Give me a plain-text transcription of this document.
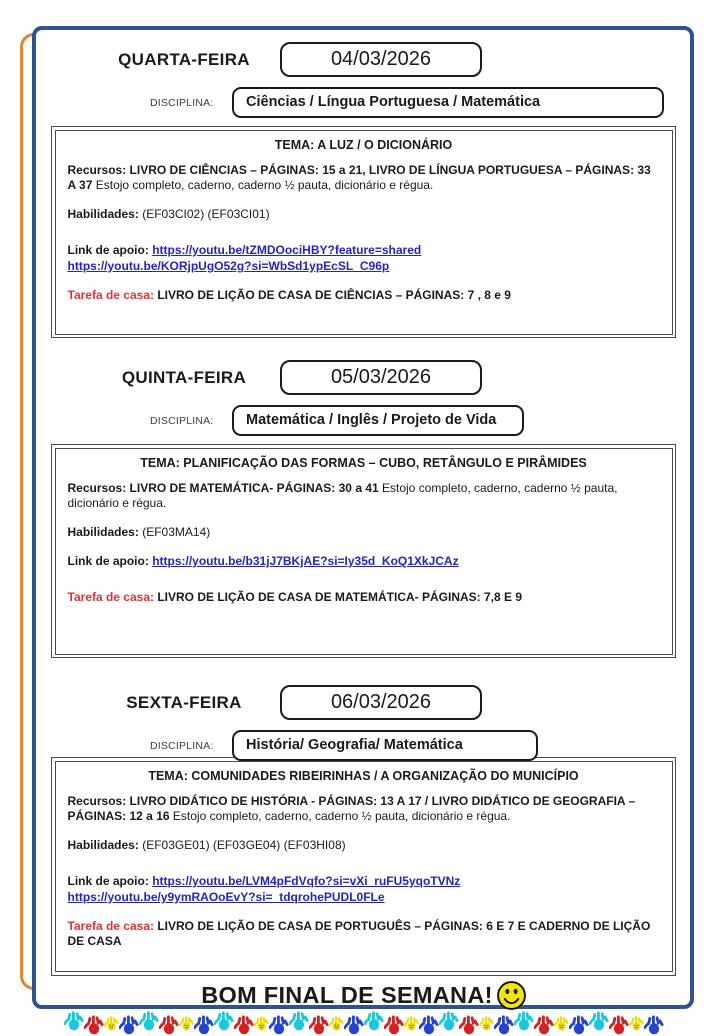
QUARTA-FEIRA	04/03/2026
DISCIPLINA:	Ciências / Língua Portuguesa / Matemática

TEMA: A LUZ / O DICIONÁRIO

Recursos: LIVRO DE CIÊNCIAS – PÁGINAS: 15 a 21, LIVRO DE LÍNGUA PORTUGUESA – PÁGINAS: 33 A 37 Estojo completo, caderno, caderno ½ pauta, dicionário e régua.

Habilidades: (EF03CI02) (EF03CI01)

Link de apoio: https://youtu.be/tZMDOociHBY?feature=shared
https://youtu.be/KORjpUgO52g?si=WbSd1ypEcSL_C96p

Tarefa de casa: LIVRO DE LIÇÃO DE CASA DE CIÊNCIAS – PÁGINAS: 7 , 8 e 9

QUINTA-FEIRA	05/03/2026
DISCIPLINA:	Matemática / Inglês / Projeto de Vida

TEMA: PLANIFICAÇÃO DAS FORMAS – CUBO, RETÂNGULO E PIRÂMIDES

Recursos: LIVRO DE MATEMÁTICA- PÁGINAS: 30 a 41 Estojo completo, caderno, caderno ½ pauta, dicionário e régua.

Habilidades: (EF03MA14)

Link de apoio: https://youtu.be/b31jJ7BKjAE?si=Iy35d_KoQ1XkJCAz

Tarefa de casa: LIVRO DE LIÇÃO DE CASA DE MATEMÁTICA- PÁGINAS: 7,8 E 9

SEXTA-FEIRA	06/03/2026
DISCIPLINA:	História/ Geografia/ Matemática

TEMA: COMUNIDADES RIBEIRINHAS / A ORGANIZAÇÃO DO MUNICÍPIO

Recursos: LIVRO DIDÁTICO DE HISTÓRIA - PÁGINAS: 13 A 17 / LIVRO DIDÁTICO DE GEOGRAFIA – PÁGINAS: 12 a 16 Estojo completo, caderno, caderno ½ pauta, dicionário e régua.

Habilidades: (EF03GE01) (EF03GE04) (EF03HI08)

Link de apoio: https://youtu.be/LVM4pFdVqfo?si=vXi_ruFU5yqoTVNz
https://youtu.be/y9ymRAOoEvY?si=_tdqrohePUDL0FLe

Tarefa de casa: LIVRO DE LIÇÃO DE CASA DE PORTUGUÊS – PÁGINAS: 6 E 7 E CADERNO DE LIÇÃO DE CASA

BOM FINAL DE SEMANA!
